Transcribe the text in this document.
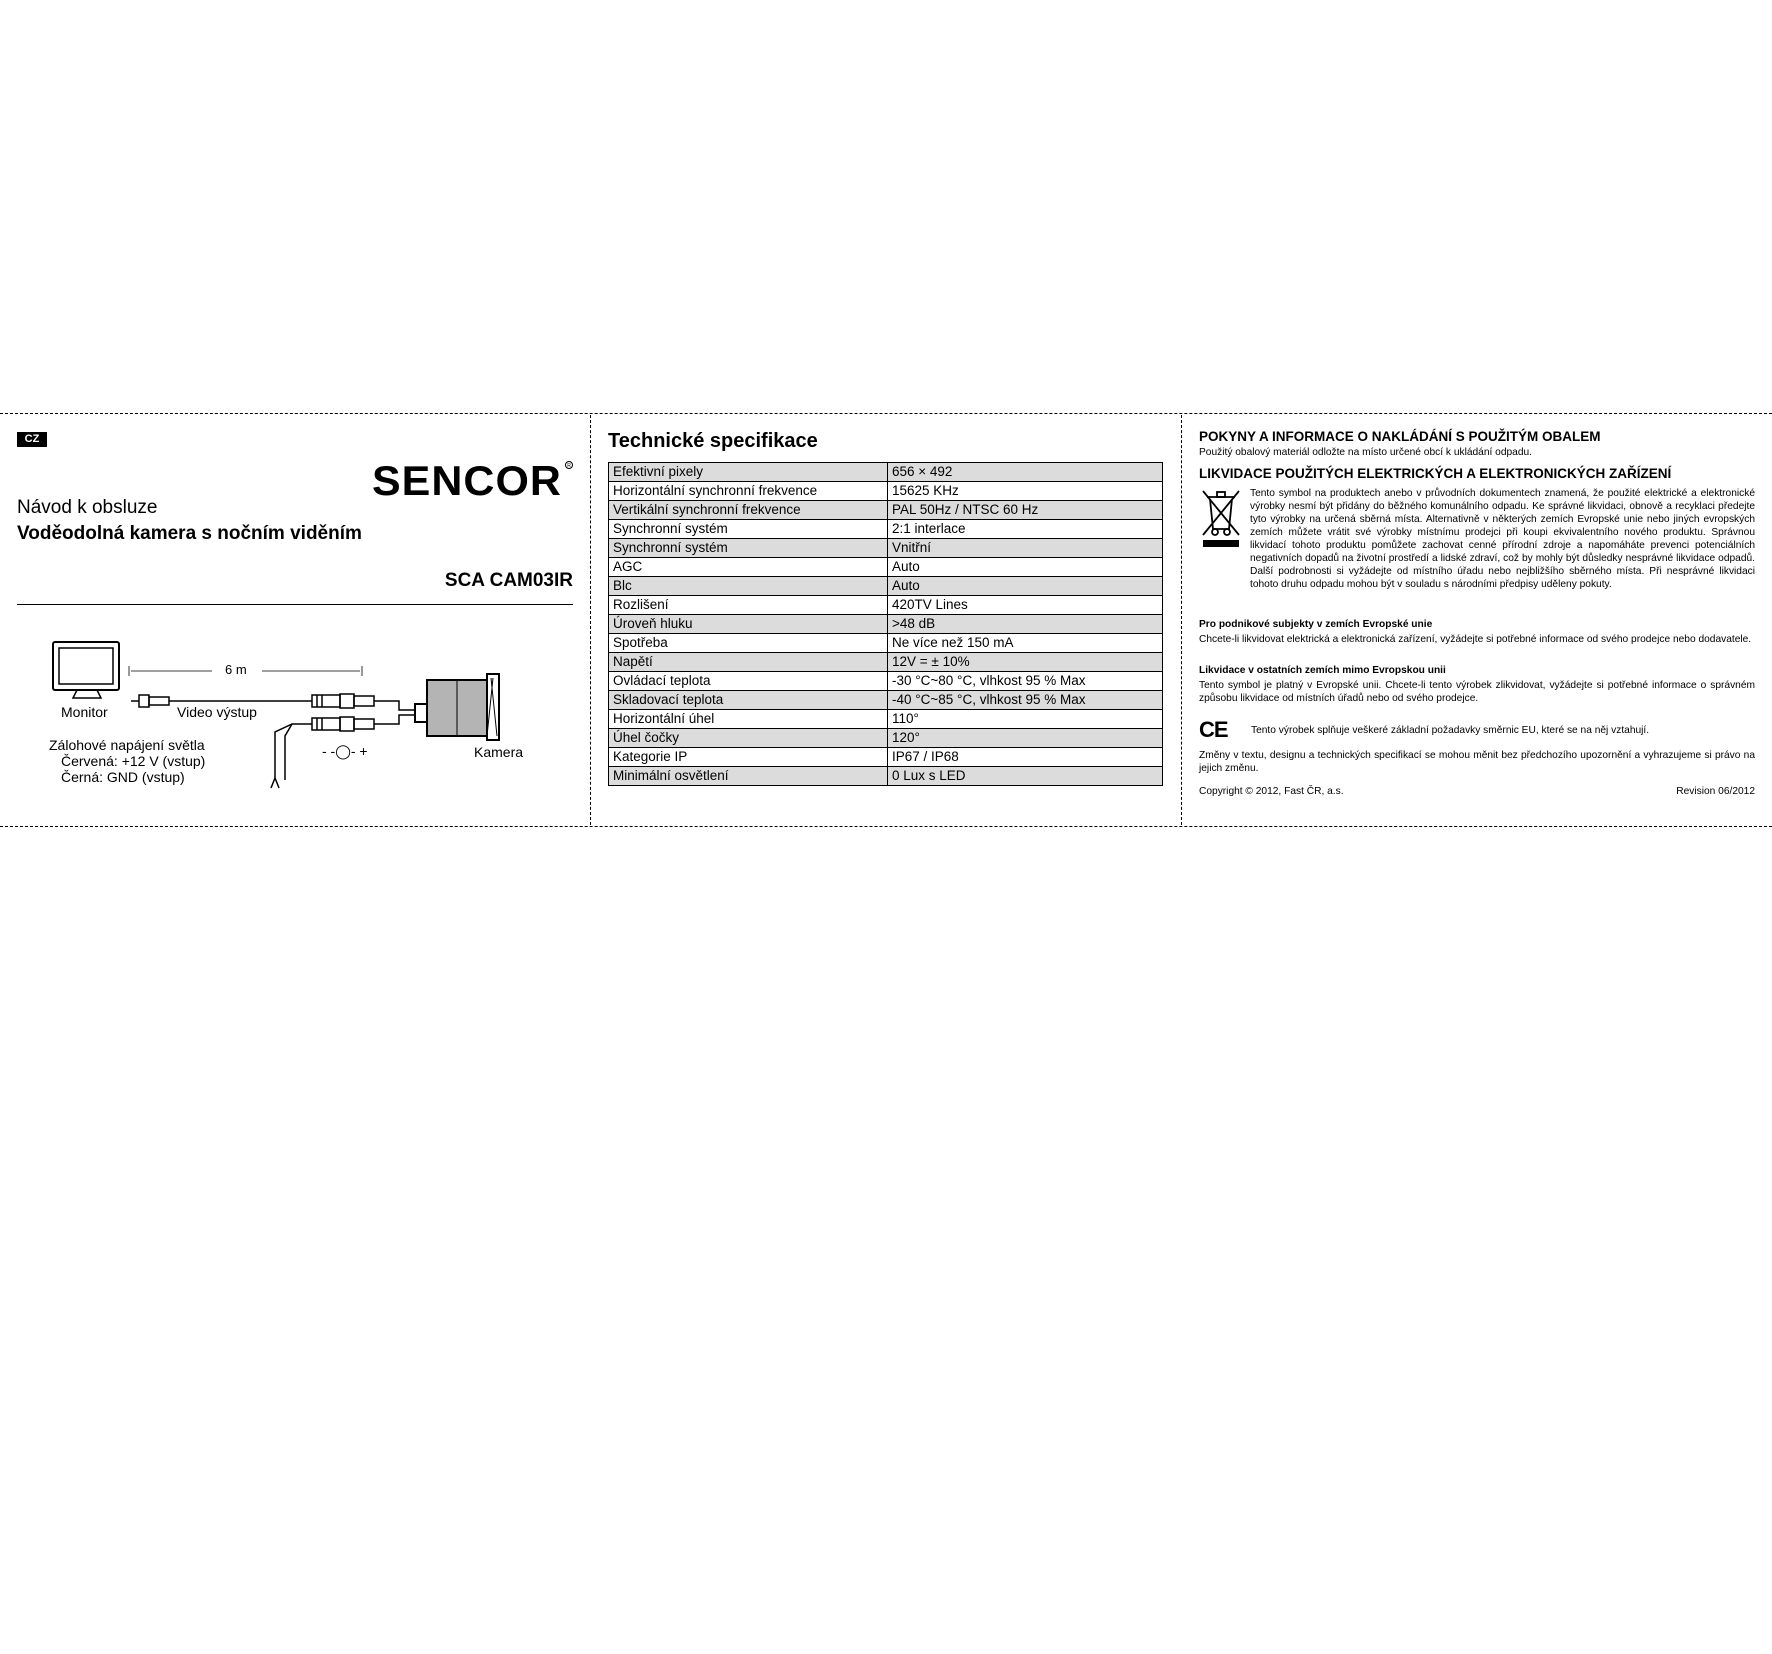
CZ
SENCOR R
Návod k obsluze
Voděodolná kamera s nočním viděním
SCA CAM03IR
6 m
Monitor	Video výstup
- -◯- +	Kamera
Zálohové napájení světla
Červená: +12 V (vstup)
Černá: GND (vstup)
Technické specifikace
Efektivní pixely	656 × 492
Horizontální synchronní frekvence	15625 KHz
Vertikální synchronní frekvence	PAL 50Hz / NTSC 60 Hz
Synchronní systém	2:1 interlace
Synchronní systém	Vnitřní
AGC	Auto
Blc	Auto
Rozlišení	420TV Lines
Úroveň hluku	>48 dB
Spotřeba	Ne více než 150 mA
Napětí	12V = ± 10%
Ovládací teplota	-30 °C~80 °C, vlhkost 95 % Max
Skladovací teplota	-40 °C~85 °C, vlhkost 95 % Max
Horizontální úhel	110°
Úhel čočky	120°
Kategorie IP	IP67 / IP68
Minimální osvětlení	0 Lux s LED
POKYNY A INFORMACE O NAKLÁDÁNÍ S POUŽITÝM OBALEM
Použitý obalový materiál odložte na místo určené obcí k ukládání odpadu.
LIKVIDACE POUŽITÝCH ELEKTRICKÝCH A ELEKTRONICKÝCH ZAŘÍZENÍ
Tento symbol na produktech anebo v průvodních dokumentech znamená, že použité elektrické a elektronické výrobky nesmí být přidány do běžného komunálního odpadu. Ke správné likvidaci, obnově a recyklaci předejte tyto výrobky na určená sběrná místa. Alternativně v některých zemích Evropské unie nebo jiných evropských zemích můžete vrátit své výrobky místnímu prodejci při koupi ekvivalentního nového produktu. Správnou likvidací tohoto produktu pomůžete zachovat cenné přírodní zdroje a napomáháte prevenci potenciálních negativních dopadů na životní prostředí a lidské zdraví, což by mohly být důsledky nesprávné likvidace odpadů. Další podrobnosti si vyžádejte od místního úřadu nebo nejbližšího sběrného místa. Při nesprávné likvidaci tohoto druhu odpadu mohou být v souladu s národními předpisy uděleny pokuty.
Pro podnikové subjekty v zemích Evropské unie
Chcete-li likvidovat elektrická a elektronická zařízení, vyžádejte si potřebné informace od svého prodejce nebo dodavatele.
Likvidace v ostatních zemích mimo Evropskou unii
Tento symbol je platný v Evropské unii. Chcete-li tento výrobek zlikvidovat, vyžádejte si potřebné informace o správném způsobu likvidace od místních úřadů nebo od svého prodejce.
CE Tento výrobek splňuje veškeré základní požadavky směrnic EU, které se na něj vztahují.
Změny v textu, designu a technických specifikací se mohou měnit bez předchozího upozornění a vyhrazujeme si právo na jejich změnu.
Copyright © 2012, Fast ČR, a.s.	Revision 06/2012
